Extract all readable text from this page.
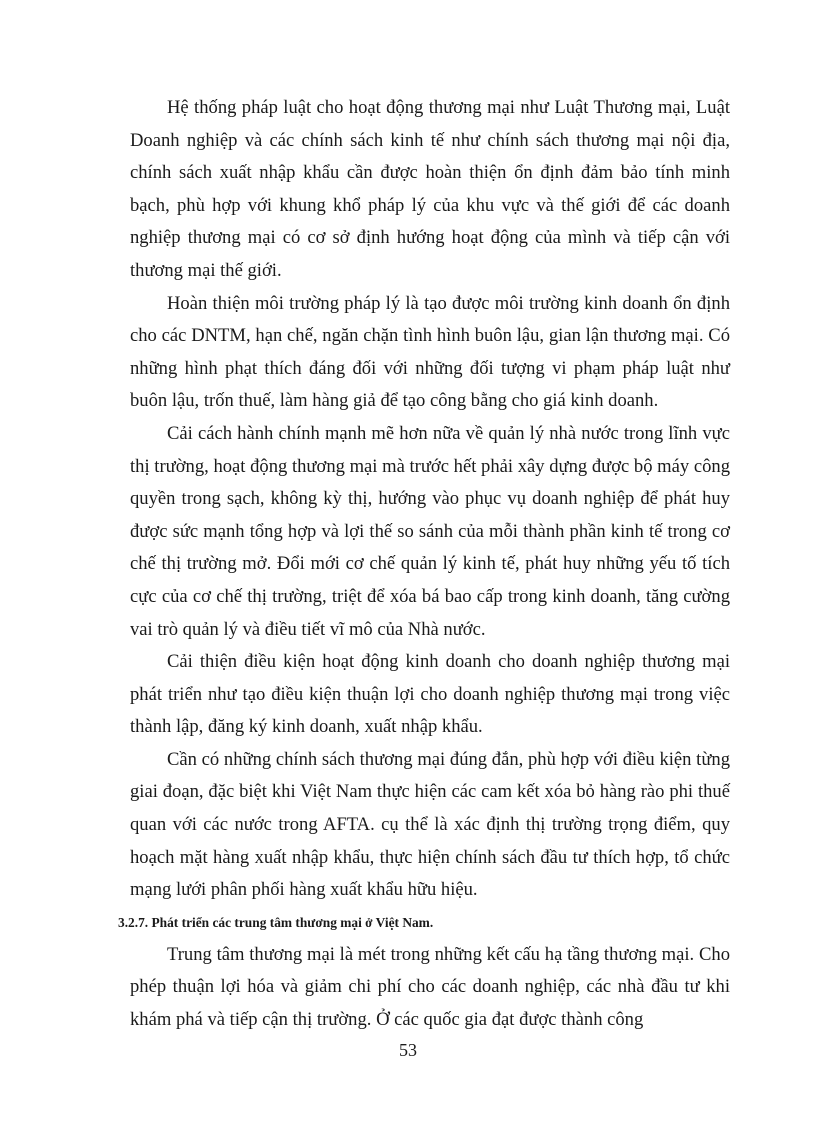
Hệ thống pháp luật cho hoạt động thương mại như Luật Thương mại, Luật Doanh nghiệp và các chính sách kinh tế như chính sách thương mại nội địa, chính sách xuất nhập khẩu cần được hoàn thiện ổn định đảm bảo tính minh bạch, phù hợp với khung khổ pháp lý của khu vực và thế giới để các doanh nghiệp thương mại có cơ sở định hướng hoạt động của mình và tiếp cận với thương mại thế giới.

Hoàn thiện môi trường pháp lý là tạo được môi trường kinh doanh ổn định cho các DNTM, hạn chế, ngăn chặn tình hình buôn lậu, gian lận thương mại. Có những hình phạt thích đáng đối với những đối tượng vi phạm pháp luật như buôn lậu, trốn thuế, làm hàng giả để tạo công bằng cho giá kinh doanh.

Cải cách hành chính mạnh mẽ hơn nữa về quản lý nhà nước trong lĩnh vực thị trường, hoạt động thương mại mà trước hết phải xây dựng được bộ máy công quyền trong sạch, không kỳ thị, hướng vào phục vụ doanh nghiệp để phát huy được sức mạnh tổng hợp và lợi thế so sánh của mỗi thành phần kinh tế trong cơ chế thị trường mở. Đổi mới cơ chế quản lý kinh tế, phát huy những yếu tố tích cực của cơ chế thị trường, triệt để xóa bá bao cấp trong kinh doanh, tăng cường vai trò quản lý và điều tiết vĩ mô của Nhà nước.

Cải thiện điều kiện hoạt động kinh doanh cho doanh nghiệp thương mại phát triển như tạo điều kiện thuận lợi cho doanh nghiệp thương mại trong việc thành lập, đăng ký kinh doanh, xuất nhập khẩu.

Cần có những chính sách thương mại đúng đắn, phù hợp với điều kiện từng giai đoạn, đặc biệt khi Việt Nam thực hiện các cam kết xóa bỏ hàng rào phi thuế quan với các nước trong AFTA. cụ thể là xác định thị trường trọng điểm, quy hoạch mặt hàng xuất nhập khẩu, thực hiện chính sách đầu tư thích hợp, tổ chức mạng lưới phân phối hàng xuất khẩu hữu hiệu.

3.2.7. Phát triển các trung tâm thương mại ở Việt Nam.

Trung tâm thương mại là mét trong những kết cấu hạ tầng thương mại. Cho phép thuận lợi hóa và giảm chi phí cho các doanh nghiệp, các nhà đầu tư khi khám phá và tiếp cận thị trường. Ở các quốc gia đạt được thành công

53
